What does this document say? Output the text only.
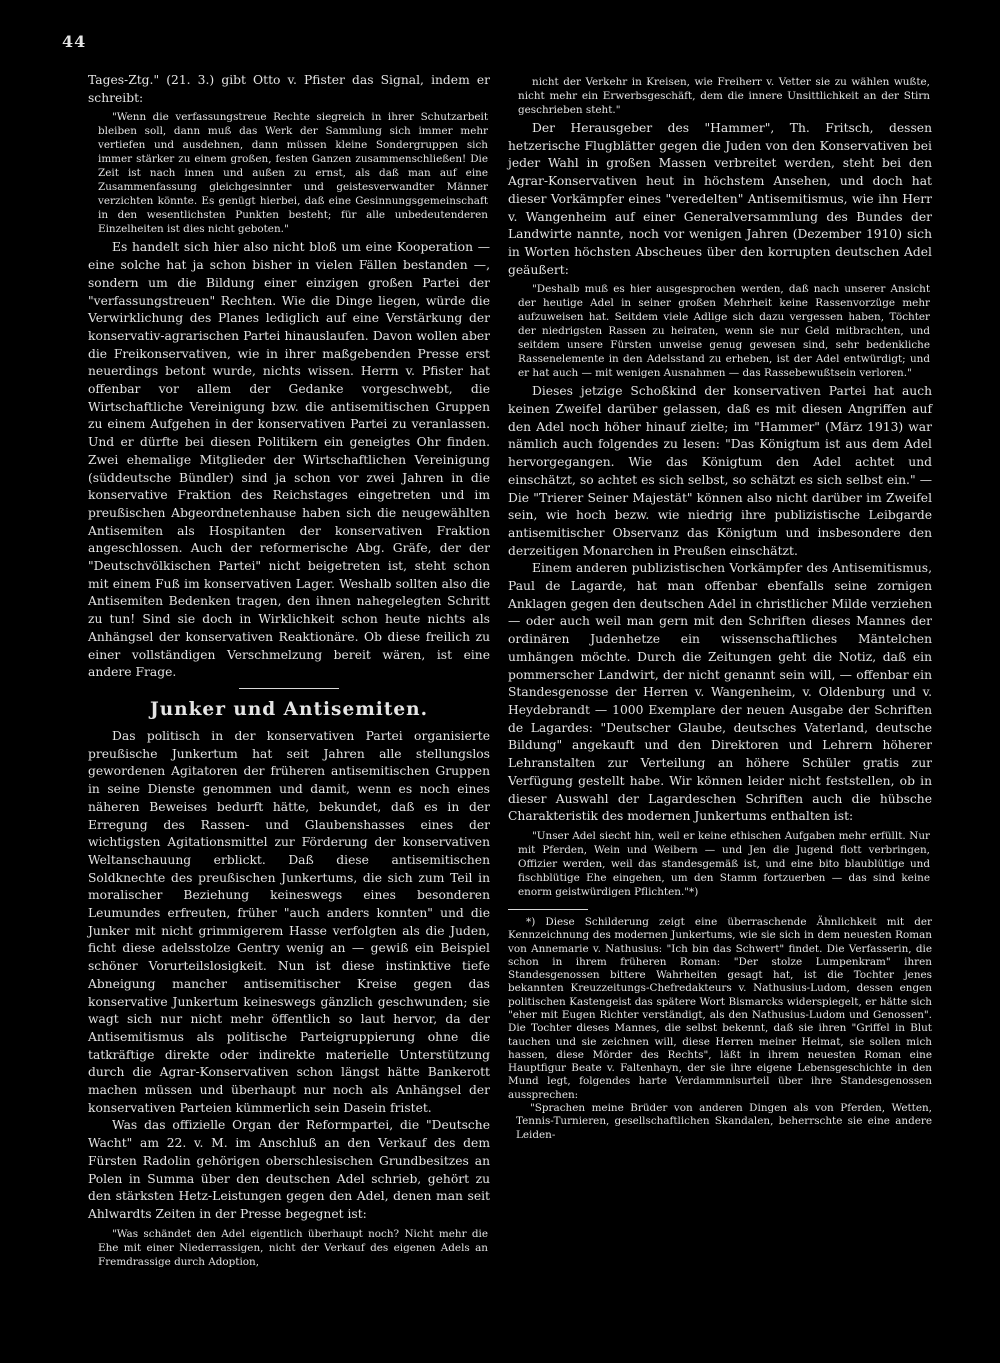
44

Tages-Ztg." (21. 3.) gibt Otto v. Pfister das Signal, indem er schreibt:

"Wenn die verfassungstreue Rechte siegreich in ihrer Schutzarbeit bleiben soll, dann muß das Werk der Sammlung sich immer mehr vertiefen und ausdehnen, dann müssen kleine Sondergruppen sich immer stärker zu einem großen, festen Ganzen zusammenschließen! Die Zeit ist nach innen und außen zu ernst, als daß man auf eine Zusammenfassung gleichgesinnter und geistesverwandter Männer verzichten könnte. Es genügt hierbei, daß eine Gesinnungsgemeinschaft in den wesentlichsten Punkten besteht; für alle unbedeutenderen Einzelheiten ist dies nicht geboten."

Es handelt sich hier also nicht bloß um eine Kooperation — eine solche hat ja schon bisher in vielen Fällen bestanden —, sondern um die Bildung einer einzigen großen Partei der "verfassungstreuen" Rechten. Wie die Dinge liegen, würde die Verwirklichung des Planes lediglich auf eine Verstärkung der konservativ-agrarischen Partei hinauslaufen. Davon wollen aber die Freikonservativen, wie in ihrer maßgebenden Presse erst neuerdings betont wurde, nichts wissen. Herrn v. Pfister hat offenbar vor allem der Gedanke vorgeschwebt, die Wirtschaftliche Vereinigung bzw. die antisemitischen Gruppen zu einem Aufgehen in der konservativen Partei zu veranlassen. Und er dürfte bei diesen Politikern ein geneigtes Ohr finden. Zwei ehemalige Mitglieder der Wirtschaftlichen Vereinigung (süddeutsche Bündler) sind ja schon vor zwei Jahren in die konservative Fraktion des Reichstages eingetreten und im preußischen Abgeordnetenhause haben sich die neugewählten Antisemiten als Hospitanten der konservativen Fraktion angeschlossen. Auch der reformerische Abg. Gräfe, der der "Deutschvölkischen Partei" nicht beigetreten ist, steht schon mit einem Fuß im konservativen Lager. Weshalb sollten also die Antisemiten Bedenken tragen, den ihnen nahegelegten Schritt zu tun! Sind sie doch in Wirklichkeit schon heute nichts als Anhängsel der konservativen Reaktionäre. Ob diese freilich zu einer vollständigen Verschmelzung bereit wären, ist eine andere Frage.

Junker und Antisemiten.

Das politisch in der konservativen Partei organisierte preußische Junkertum hat seit Jahren alle stellungslos gewordenen Agitatoren der früheren antisemitischen Gruppen in seine Dienste genommen und damit, wenn es noch eines näheren Beweises bedurft hätte, bekundet, daß es in der Erregung des Rassen- und Glaubenshasses eines der wichtigsten Agitationsmittel zur Förderung der konservativen Weltanschauung erblickt. Daß diese antisemitischen Soldknechte des preußischen Junkertums, die sich zum Teil in moralischer Beziehung keineswegs eines besonderen Leumundes erfreuten, früher "auch anders konnten" und die Junker mit nicht grimmigerem Hasse verfolgten als die Juden, ficht diese adelsstolze Gentry wenig an — gewiß ein Beispiel schöner Vorurteilslosigkeit. Nun ist diese instinktive tiefe Abneigung mancher antisemitischer Kreise gegen das konservative Junkertum keineswegs gänzlich geschwunden; sie wagt sich nur nicht mehr öffentlich so laut hervor, da der Antisemitismus als politische Parteigruppierung ohne die tatkräftige direkte oder indirekte materielle Unterstützung durch die Agrar-Konservativen schon längst hätte Bankerott machen müssen und überhaupt nur noch als Anhängsel der konservativen Parteien kümmerlich sein Dasein fristet.

Was das offizielle Organ der Reformpartei, die "Deutsche Wacht" am 22. v. M. im Anschluß an den Verkauf des dem Fürsten Radolin gehörigen oberschlesischen Grundbesitzes an Polen in Summa über den deutschen Adel schrieb, gehört zu den stärksten Hetz-Leistungen gegen den Adel, denen man seit Ahlwardts Zeiten in der Presse begegnet ist:

"Was schändet den Adel eigentlich überhaupt noch? Nicht mehr die Ehe mit einer Niederrassigen, nicht der Verkauf des eigenen Adels an Fremdrassige durch Adoption,

nicht der Verkehr in Kreisen, wie Freiherr v. Vetter sie zu wählen wußte, nicht mehr ein Erwerbsgeschäft, dem die innere Unsittlichkeit an der Stirn geschrieben steht."

Der Herausgeber des "Hammer", Th. Fritsch, dessen hetzerische Flugblätter gegen die Juden von den Konservativen bei jeder Wahl in großen Massen verbreitet werden, steht bei den Agrar-Konservativen heut in höchstem Ansehen, und doch hat dieser Vorkämpfer eines "veredelten" Antisemitismus, wie ihn Herr v. Wangenheim auf einer Generalversammlung des Bundes der Landwirte nannte, noch vor wenigen Jahren (Dezember 1910) sich in Worten höchsten Abscheues über den korrupten deutschen Adel geäußert:

"Deshalb muß es hier ausgesprochen werden, daß nach unserer Ansicht der heutige Adel in seiner großen Mehrheit keine Rassenvorzüge mehr aufzuweisen hat. Seitdem viele Adlige sich dazu vergessen haben, Töchter der niedrigsten Rassen zu heiraten, wenn sie nur Geld mitbrachten, und seitdem unsere Fürsten unweise genug gewesen sind, sehr bedenkliche Rassenelemente in den Adelsstand zu erheben, ist der Adel entwürdigt; und er hat auch — mit wenigen Ausnahmen — das Rassebewußtsein verloren."

Dieses jetzige Schoßkind der konservativen Partei hat auch keinen Zweifel darüber gelassen, daß es mit diesen Angriffen auf den Adel noch höher hinauf zielte; im "Hammer" (März 1913) war nämlich auch folgendes zu lesen: "Das Königtum ist aus dem Adel hervorgegangen. Wie das Königtum den Adel achtet und einschätzt, so achtet es sich selbst, so schätzt es sich selbst ein." — Die "Trierer Seiner Majestät" können also nicht darüber im Zweifel sein, wie hoch bezw. wie niedrig ihre publizistische Leibgarde antisemitischer Observanz das Königtum und insbesondere den derzeitigen Monarchen in Preußen einschätzt.

Einem anderen publizistischen Vorkämpfer des Antisemitismus, Paul de Lagarde, hat man offenbar ebenfalls seine zornigen Anklagen gegen den deutschen Adel in christlicher Milde verziehen — oder auch weil man gern mit den Schriften dieses Mannes der ordinären Judenhetze ein wissenschaftliches Mäntelchen umhängen möchte. Durch die Zeitungen geht die Notiz, daß ein pommerscher Landwirt, der nicht genannt sein will, — offenbar ein Standesgenosse der Herren v. Wangenheim, v. Oldenburg und v. Heydebrandt — 1000 Exemplare der neuen Ausgabe der Schriften de Lagardes: "Deutscher Glaube, deutsches Vaterland, deutsche Bildung" angekauft und den Direktoren und Lehrern höherer Lehranstalten zur Verteilung an höhere Schüler gratis zur Verfügung gestellt habe. Wir können leider nicht feststellen, ob in dieser Auswahl der Lagardeschen Schriften auch die hübsche Charakteristik des modernen Junkertums enthalten ist:

"Unser Adel siecht hin, weil er keine ethischen Aufgaben mehr erfüllt. Nur mit Pferden, Wein und Weibern — und Jen die Jugend flott verbringen, Offizier werden, weil das standesgemäß ist, und eine bito blaublütige und fischblütige Ehe eingehen, um den Stamm fortzuerben — das sind keine enorm geistwürdigen Pflichten."*)

*) Diese Schilderung zeigt eine überraschende Ähnlichkeit mit der Kennzeichnung des modernen Junkertums, wie sie sich in dem neuesten Roman von Annemarie v. Nathusius: "Ich bin das Schwert" findet. Die Verfasserin, die schon in ihrem früheren Roman: "Der stolze Lumpenkram" ihren Standesgenossen bittere Wahrheiten gesagt hat, ist die Tochter jenes bekannten Kreuzzeitungs-Chefredakteurs v. Nathusius-Ludom, dessen engen politischen Kastengeist das spätere Wort Bismarcks widerspiegelt, er hätte sich "eher mit Eugen Richter verständigt, als den Nathusius-Ludom und Genossen". Die Tochter dieses Mannes, die selbst bekennt, daß sie ihren "Griffel in Blut tauchen und sie zeichnen will, diese Herren meiner Heimat, sie sollen mich hassen, diese Mörder des Rechts", läßt in ihrem neuesten Roman eine Hauptfigur Beate v. Faltenhayn, der sie ihre eigene Lebensgeschichte in den Mund legt, folgendes harte Verdammnisurteil über ihre Standesgenossen aussprechen:

"Sprachen meine Brüder von anderen Dingen als von Pferden, Wetten, Tennis-Turnieren, gesellschaftlichen Skandalen, beherrschte sie eine andere Leiden-
